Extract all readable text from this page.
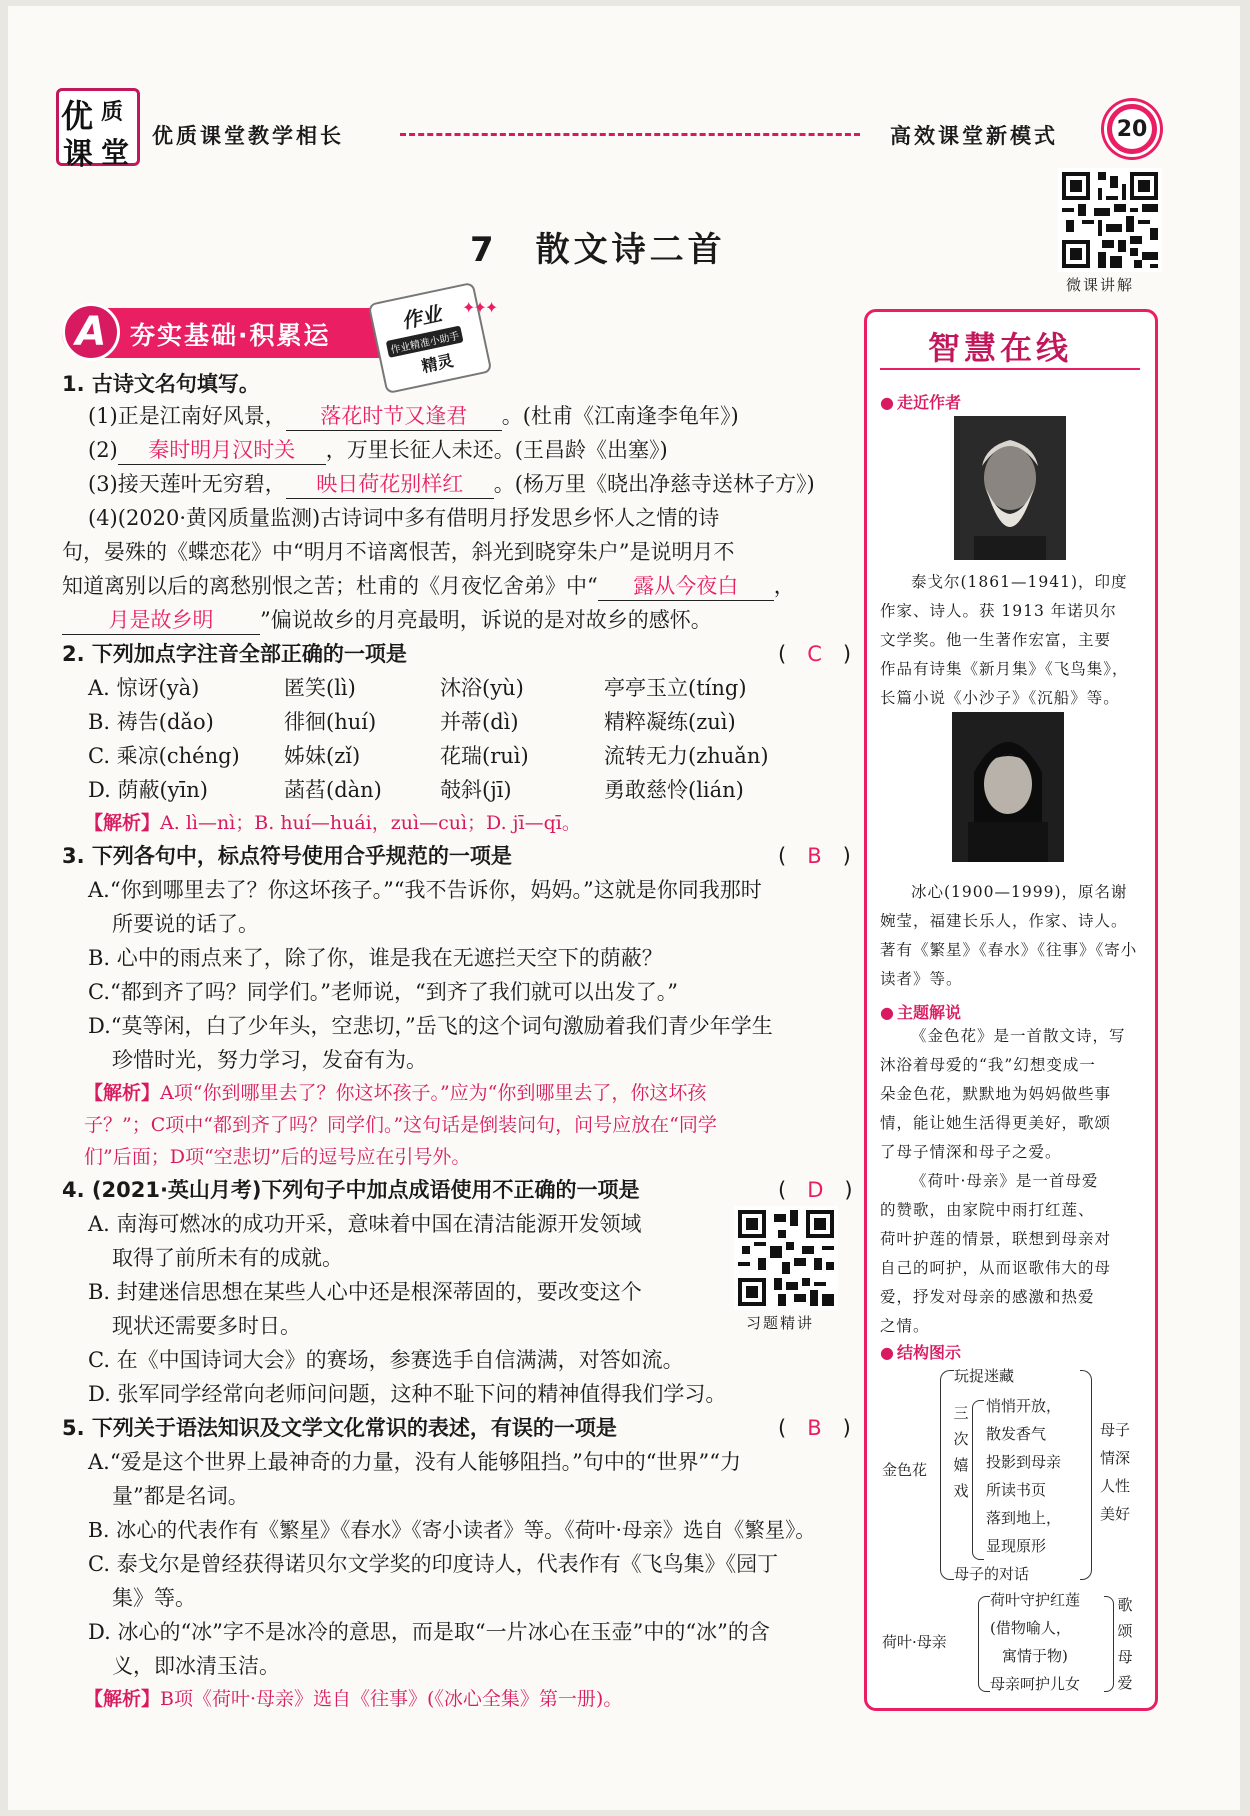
优 质
课 堂 优质课堂教学相长	高效课堂新模式	20
微课讲解
7　散文诗二首
A 夯实基础·积累运
作业
作业精准小助手
精灵
✦✦✦
1. 古诗文名句填写。
(1)正是江南好风景， 落花时节又逢君 。(杜甫《江南逢李龟年》)
(2) 秦时明月汉时关 ，万里长征人未还。(王昌龄《出塞》)
(3)接天莲叶无穷碧， 映日荷花别样红 。(杨万里《晓出净慈寺送林子方》)
(4)(2020·黄冈质量监测)古诗词中多有借明月抒发思乡怀人之情的诗
句，晏殊的《蝶恋花》中“明月不谙离恨苦，斜光到晓穿朱户”是说明月不
知道离别以后的离愁别恨之苦；杜甫的《月夜忆舍弟》中“ 露从今夜白 ，
月是故乡明 ”偏说故乡的月亮最明，诉说的是对故乡的感怀。
2. 下列加点字注音全部正确的一项是	(　C　)
A. 惊讶(yà)	匿笑(lì)	沐浴(yù)	亭亭玉立(tíng)
B. 祷告(dǎo)	徘徊(huí)	并蒂(dì)	精粹凝练(zuì)
C. 乘凉(chéng) 姊妹(zǐ)	花瑞(ruì)	流转无力(zhuǎn)
D. 荫蔽(yīn)	菡萏(dàn)	攲斜(jī)	勇敢慈怜(lián)
【解析】A. lì—nì；B. huí—huái，zuì—cuì；D. jī—qī。
3. 下列各句中，标点符号使用合乎规范的一项是	(　B　)
A.“你到哪里去了？你这坏孩子。”“我不告诉你，妈妈。”这就是你同我那时
所要说的话了。
B. 心中的雨点来了，除了你，谁是我在无遮拦天空下的荫蔽？
C.“都到齐了吗？同学们。”老师说，“到齐了我们就可以出发了。”
D.“莫等闲，白了少年头，空悲切，”岳飞的这个词句激励着我们青少年学生
珍惜时光，努力学习，发奋有为。
【解析】A项“你到哪里去了？你这坏孩子。”应为“你到哪里去了，你这坏孩
子？”；C项中“都到齐了吗？同学们。”这句话是倒装问句，问号应放在“同学
们”后面；D项“空悲切”后的逗号应在引号外。
4. (2021·英山月考)下列句子中加点成语使用不正确的一项是	(　D　)
A. 南海可燃冰的成功开采，意味着中国在清洁能源开发领域
取得了前所未有的成就。
B. 封建迷信思想在某些人心中还是根深蒂固的，要改变这个
现状还需要多时日。
C. 在《中国诗词大会》的赛场，参赛选手自信满满，对答如流。
D. 张军同学经常向老师问问题，这种不耻下问的精神值得我们学习。
习题精讲
5. 下列关于语法知识及文学文化常识的表述，有误的一项是	(　B　)
A.“爱是这个世界上最神奇的力量，没有人能够阻挡。”句中的“世界”“力
量”都是名词。
B. 冰心的代表作有《繁星》《春水》《寄小读者》等。《荷叶·母亲》选自《繁星》。
C. 泰戈尔是曾经获得诺贝尔文学奖的印度诗人，代表作有《飞鸟集》《园丁
集》等。
D. 冰心的“冰”字不是冰冷的意思，而是取“一片冰心在玉壶”中的“冰”的含
义，即冰清玉洁。
【解析】B项《荷叶·母亲》选自《往事》(《冰心全集》第一册)。
智慧在线
● 走近作者
泰戈尔(1861—1941)，印度
作家、诗人。获 1913 年诺贝尔
文学奖。他一生著作宏富，主要
作品有诗集《新月集》《飞鸟集》，
长篇小说《小沙子》《沉船》等。
冰心(1900—1999)，原名谢
婉莹，福建长乐人，作家、诗人。
著有《繁星》《春水》《往事》《寄小
读者》等。
● 主题解说
《金色花》是一首散文诗，写
沐浴着母爱的“我”幻想变成一
朵金色花，默默地为妈妈做些事
情，能让她生活得更美好，歌颂
了母子情深和母子之爱。
《荷叶·母亲》是一首母爱
的赞歌，由家院中雨打红莲、
荷叶护莲的情景，联想到母亲对
自己的呵护，从而讴歌伟大的母
爱，抒发对母亲的感激和热爱
之情。
● 结构图示
金色花
玩捉迷藏
三次嬉戏
悄悄开放，
散发香气
投影到母亲
所读书页
落到地上，
显现原形
母子的对话
母子情深人性美好
荷叶·母亲
荷叶守护红莲
(借物喻人，
寓情于物)
母亲呵护儿女
歌颂母爱
